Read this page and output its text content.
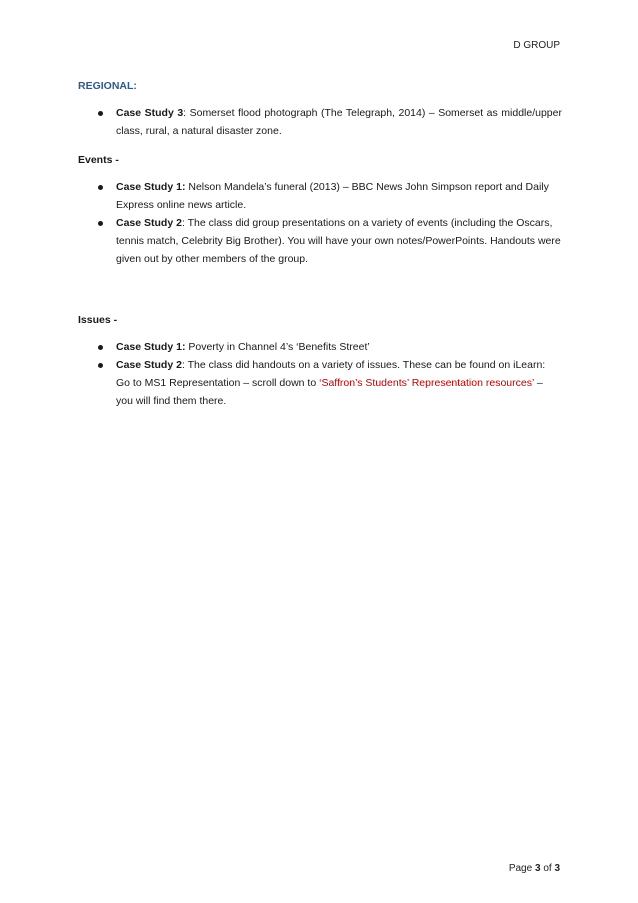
D GROUP

REGIONAL:

Case Study 3: Somerset flood photograph (The Telegraph, 2014) – Somerset as middle/upper class, rural, a natural disaster zone.

Events -

Case Study 1: Nelson Mandela’s funeral (2013) – BBC News John Simpson report and Daily Express online news article.
Case Study 2: The class did group presentations on a variety of events (including the Oscars, tennis match, Celebrity Big Brother). You will have your own notes/PowerPoints. Handouts were given out by other members of the group.

Issues -

Case Study 1: Poverty in Channel 4’s ‘Benefits Street’
Case Study 2: The class did handouts on a variety of issues. These can be found on iLearn: Go to MS1 Representation – scroll down to ‘Saffron’s Students’ Representation resources’ – you will find them there.
Page 3 of 3
